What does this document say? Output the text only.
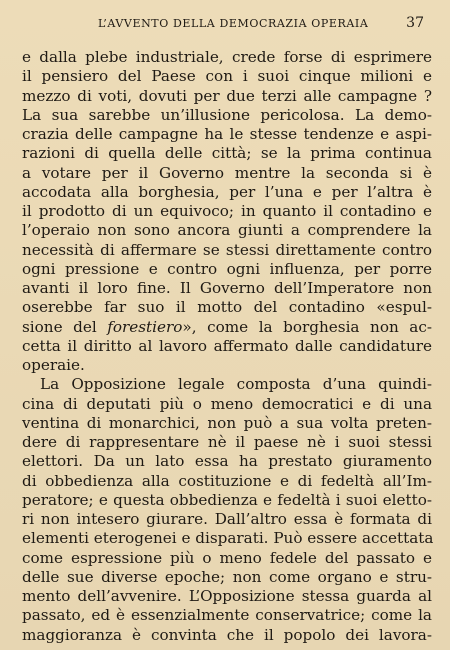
L’AVVENTO DELLA DEMOCRAZIA OPERAIA	37
e dalla plebe industriale, crede forse di esprimere
il pensiero del Paese con i suoi cinque milioni e
mezzo di voti, dovuti per due terzi alle campagne ?
La sua sarebbe un’illusione pericolosa. La demo-
crazia delle campagne ha le stesse tendenze e aspi-
razioni di quella delle città; se la prima continua
a votare per il Governo mentre la seconda si è
accodata alla borghesia, per l’una e per l’altra è
il prodotto di un equivoco; in quanto il contadino e
l’operaio non sono ancora giunti a comprendere la
necessità di affermare se stessi direttamente contro
ogni pressione e contro ogni influenza, per porre
avanti il loro fine. Il Governo dell’Imperatore non
oserebbe far suo il motto del contadino «espul-
sione del forestiero», come la borghesia non ac-
cetta il diritto al lavoro affermato dalle candidature
operaie.
La Opposizione legale composta d’una quindi-
cina di deputati più o meno democratici e di una
ventina di monarchici, non può a sua volta preten-
dere di rappresentare nè il paese nè i suoi stessi
elettori. Da un lato essa ha prestato giuramento
di obbedienza alla costituzione e di fedeltà all’Im-
peratore; e questa obbedienza e fedeltà i suoi eletto-
ri non intesero giurare. Dall’altro essa è formata di
elementi eterogenei e disparati. Può essere accettata
come espressione più o meno fedele del passato e
delle sue diverse epoche; non come organo e stru-
mento dell’avvenire. L’Opposizione stessa guarda al
passato, ed è essenzialmente conservatrice; come la
maggioranza è convinta che il popolo dei lavora-
